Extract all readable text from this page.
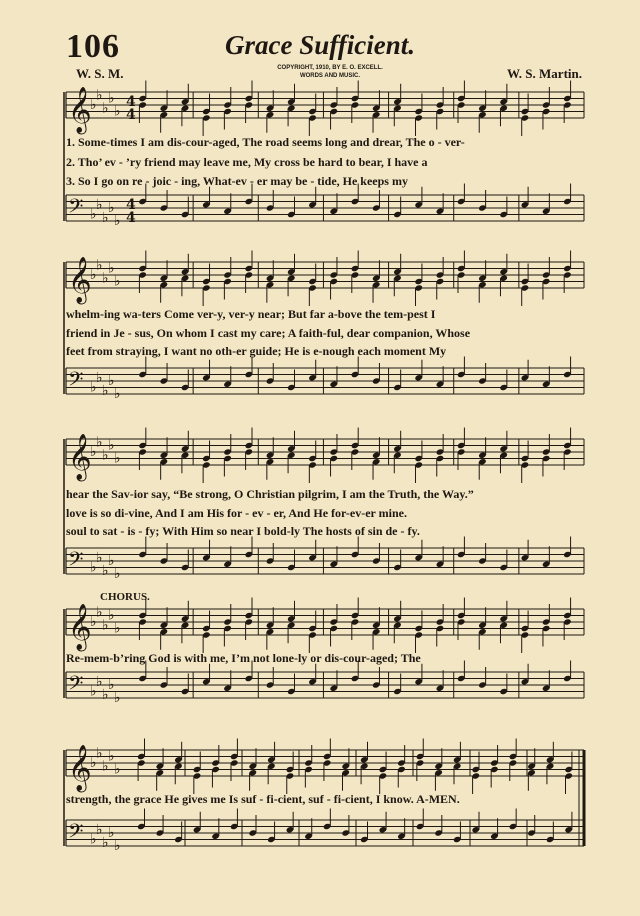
106	Grace Sufficient.
W. S. M.	COPYRIGHT, 1910, BY E. O. EXCELL.
WORDS AND MUSIC.	W. S. Martin.
𝄞
♭
♭
♭
♭
♭
𝄢 ♭
♭
♭
♭
♭
4
4
4
4
𝄞
♭
♭
♭
♭
♭
𝄢 ♭
♭
♭
♭
♭
𝄞
♭
♭
♭
♭
♭
𝄢 ♭
♭
♭
♭
♭
𝄞
♭
♭
♭
♭
♭
𝄢 ♭
♭
♭
♭
♭
𝄞
♭
♭
♭
♭
♭
𝄢 ♭
♭
♭
♭
♭
1. Some-times I am dis-cour-aged, The road seems long and drear, The o - ver-
2. Tho’ ev - ’ry friend may leave me, My cross be hard to bear, I have a
3. So I go on re - joic - ing, What-ev - er may be - tide, He keeps my
whelm-ing wa-ters Come ver-y, ver-y near; But far a-bove the tem-pest I
friend in Je - sus, On whom I cast my care; A faith-ful, dear companion, Whose
feet from straying, I want no oth-er guide; He is e-nough each moment My
hear the Sav-ior say, “Be strong, O Christian pilgrim, I am the Truth, the Way.”
love is so di-vine, And I am His for - ev - er, And He for-ev-er mine.
soul to sat - is - fy; With Him so near I bold-ly The hosts of sin de - fy.
CHORUS.
Re-mem-b’ring God is with me, I’m not lone-ly or dis-cour-aged; The
strength, the grace He gives me Is suf - fi-cient, suf - fi-cient, I know. A-MEN.
